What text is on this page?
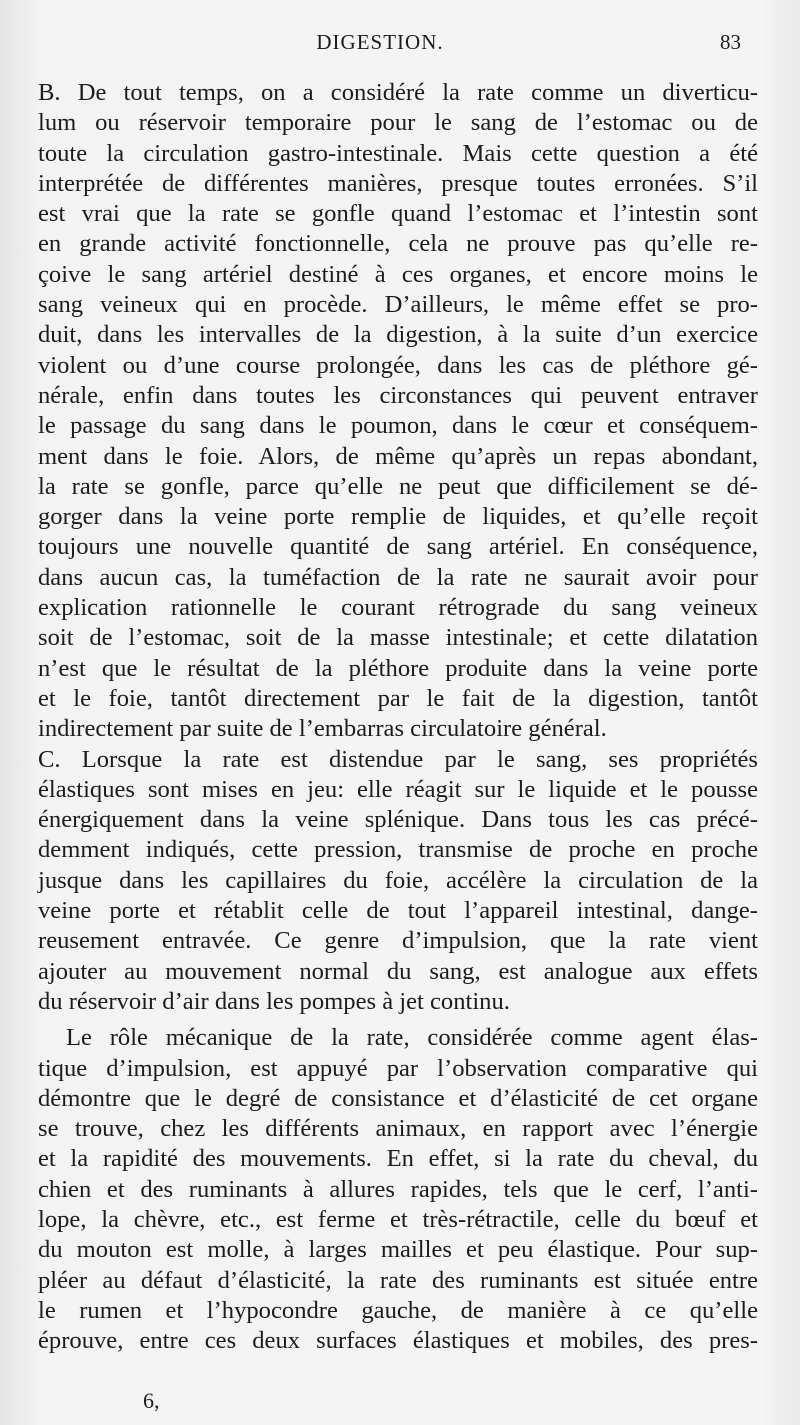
DIGESTION.	83
B. De tout temps, on a considéré la rate comme un diverticu-
lum ou réservoir temporaire pour le sang de l’estomac ou de
toute la circulation gastro-intestinale. Mais cette question a été
interprétée de différentes manières, presque toutes erronées. S’il
est vrai que la rate se gonfle quand l’estomac et l’intestin sont
en grande activité fonctionnelle, cela ne prouve pas qu’elle re-
çoive le sang artériel destiné à ces organes, et encore moins le
sang veineux qui en procède. D’ailleurs, le même effet se pro-
duit, dans les intervalles de la digestion, à la suite d’un exercice
violent ou d’une course prolongée, dans les cas de pléthore gé-
nérale, enfin dans toutes les circonstances qui peuvent entraver
le passage du sang dans le poumon, dans le cœur et conséquem-
ment dans le foie. Alors, de même qu’après un repas abondant,
la rate se gonfle, parce qu’elle ne peut que difficilement se dé-
gorger dans la veine porte remplie de liquides, et qu’elle reçoit
toujours une nouvelle quantité de sang artériel. En conséquence,
dans aucun cas, la tuméfaction de la rate ne saurait avoir pour
explication rationnelle le courant rétrograde du sang veineux
soit de l’estomac, soit de la masse intestinale; et cette dilatation
n’est que le résultat de la pléthore produite dans la veine porte
et le foie, tantôt directement par le fait de la digestion, tantôt
indirectement par suite de l’embarras circulatoire général.
C. Lorsque la rate est distendue par le sang, ses propriétés
élastiques sont mises en jeu: elle réagit sur le liquide et le pousse
énergiquement dans la veine splénique. Dans tous les cas précé-
demment indiqués, cette pression, transmise de proche en proche
jusque dans les capillaires du foie, accélère la circulation de la
veine porte et rétablit celle de tout l’appareil intestinal, dange-
reusement entravée. Ce genre d’impulsion, que la rate vient
ajouter au mouvement normal du sang, est analogue aux effets
du réservoir d’air dans les pompes à jet continu.
Le rôle mécanique de la rate, considérée comme agent élas-
tique d’impulsion, est appuyé par l’observation comparative qui
démontre que le degré de consistance et d’élasticité de cet organe
se trouve, chez les différents animaux, en rapport avec l’énergie
et la rapidité des mouvements. En effet, si la rate du cheval, du
chien et des ruminants à allures rapides, tels que le cerf, l’anti-
lope, la chèvre, etc., est ferme et très-rétractile, celle du bœuf et
du mouton est molle, à larges mailles et peu élastique. Pour sup-
pléer au défaut d’élasticité, la rate des ruminants est située entre
le rumen et l’hypocondre gauche, de manière à ce qu’elle
éprouve, entre ces deux surfaces élastiques et mobiles, des pres-
6,
